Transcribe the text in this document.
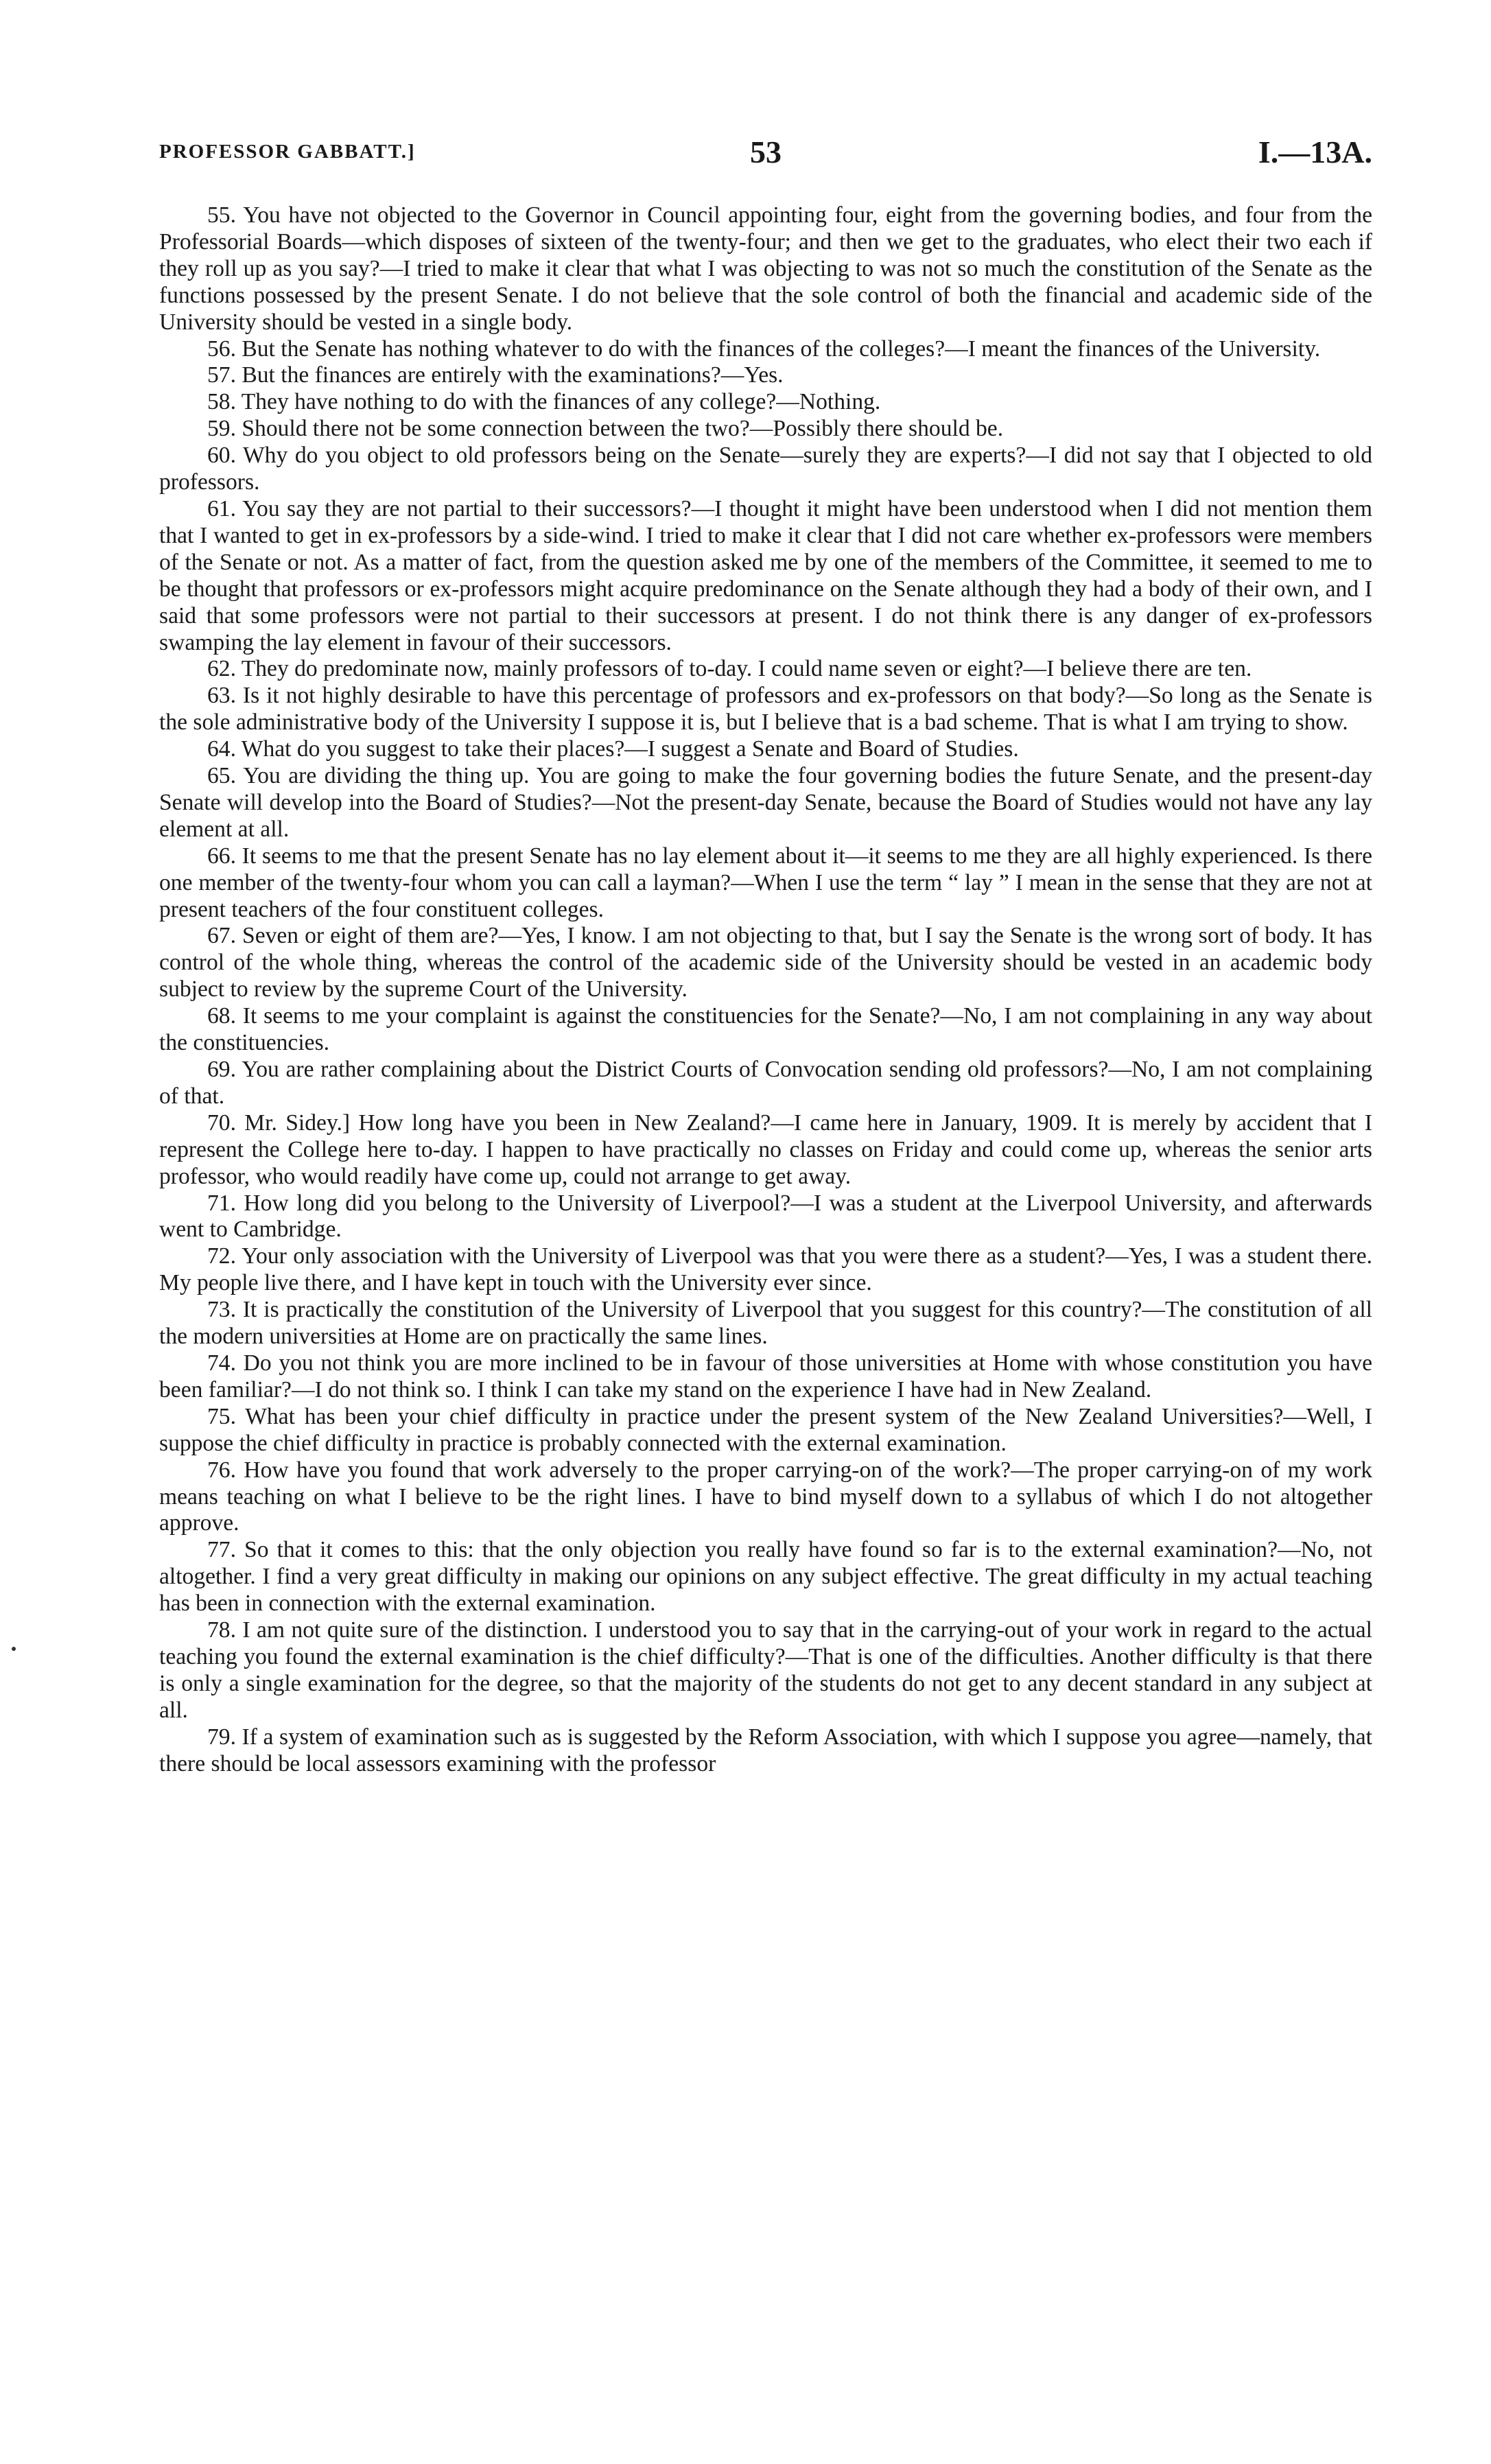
PROFESSOR GABBATT.]	53	I.—13A.

55. You have not objected to the Governor in Council appointing four, eight from the governing bodies, and four from the Professorial Boards—which disposes of sixteen of the twenty-four; and then we get to the graduates, who elect their two each if they roll up as you say?—I tried to make it clear that what I was objecting to was not so much the constitution of the Senate as the functions possessed by the present Senate. I do not believe that the sole control of both the financial and academic side of the University should be vested in a single body.

56. But the Senate has nothing whatever to do with the finances of the colleges?—I meant the finances of the University.

57. But the finances are entirely with the examinations?—Yes.

58. They have nothing to do with the finances of any college?—Nothing.

59. Should there not be some connection between the two?—Possibly there should be.

60. Why do you object to old professors being on the Senate—surely they are experts?—I did not say that I objected to old professors.

61. You say they are not partial to their successors?—I thought it might have been understood when I did not mention them that I wanted to get in ex-professors by a side-wind. I tried to make it clear that I did not care whether ex-professors were members of the Senate or not. As a matter of fact, from the question asked me by one of the members of the Committee, it seemed to me to be thought that professors or ex-professors might acquire predominance on the Senate although they had a body of their own, and I said that some professors were not partial to their successors at present. I do not think there is any danger of ex-professors swamping the lay element in favour of their successors.

62. They do predominate now, mainly professors of to-day. I could name seven or eight?—I believe there are ten.

63. Is it not highly desirable to have this percentage of professors and ex-professors on that body?—So long as the Senate is the sole administrative body of the University I suppose it is, but I believe that is a bad scheme. That is what I am trying to show.

64. What do you suggest to take their places?—I suggest a Senate and Board of Studies.

65. You are dividing the thing up. You are going to make the four governing bodies the future Senate, and the present-day Senate will develop into the Board of Studies?—Not the present-day Senate, because the Board of Studies would not have any lay element at all.

66. It seems to me that the present Senate has no lay element about it—it seems to me they are all highly experienced. Is there one member of the twenty-four whom you can call a layman?—When I use the term “ lay ” I mean in the sense that they are not at present teachers of the four constituent colleges.

67. Seven or eight of them are?—Yes, I know. I am not objecting to that, but I say the Senate is the wrong sort of body. It has control of the whole thing, whereas the control of the academic side of the University should be vested in an academic body subject to review by the supreme Court of the University.

68. It seems to me your complaint is against the constituencies for the Senate?—No, I am not complaining in any way about the constituencies.

69. You are rather complaining about the District Courts of Convocation sending old professors?—No, I am not complaining of that.

70. Mr. Sidey.] How long have you been in New Zealand?—I came here in January, 1909. It is merely by accident that I represent the College here to-day. I happen to have practically no classes on Friday and could come up, whereas the senior arts professor, who would readily have come up, could not arrange to get away.

71. How long did you belong to the University of Liverpool?—I was a student at the Liverpool University, and afterwards went to Cambridge.

72. Your only association with the University of Liverpool was that you were there as a student?—Yes, I was a student there. My people live there, and I have kept in touch with the University ever since.

73. It is practically the constitution of the University of Liverpool that you suggest for this country?—The constitution of all the modern universities at Home are on practically the same lines.

74. Do you not think you are more inclined to be in favour of those universities at Home with whose constitution you have been familiar?—I do not think so. I think I can take my stand on the experience I have had in New Zealand.

75. What has been your chief difficulty in practice under the present system of the New Zealand Universities?—Well, I suppose the chief difficulty in practice is probably connected with the external examination.

76. How have you found that work adversely to the proper carrying-on of the work?—The proper carrying-on of my work means teaching on what I believe to be the right lines. I have to bind myself down to a syllabus of which I do not altogether approve.

77. So that it comes to this: that the only objection you really have found so far is to the external examination?—No, not altogether. I find a very great difficulty in making our opinions on any subject effective. The great difficulty in my actual teaching has been in connection with the external examination.

78. I am not quite sure of the distinction. I understood you to say that in the carrying-out of your work in regard to the actual teaching you found the external examination is the chief difficulty?—That is one of the difficulties. Another difficulty is that there is only a single examination for the degree, so that the majority of the students do not get to any decent standard in any subject at all.

79. If a system of examination such as is suggested by the Reform Association, with which I suppose you agree—namely, that there should be local assessors examining with the professor
